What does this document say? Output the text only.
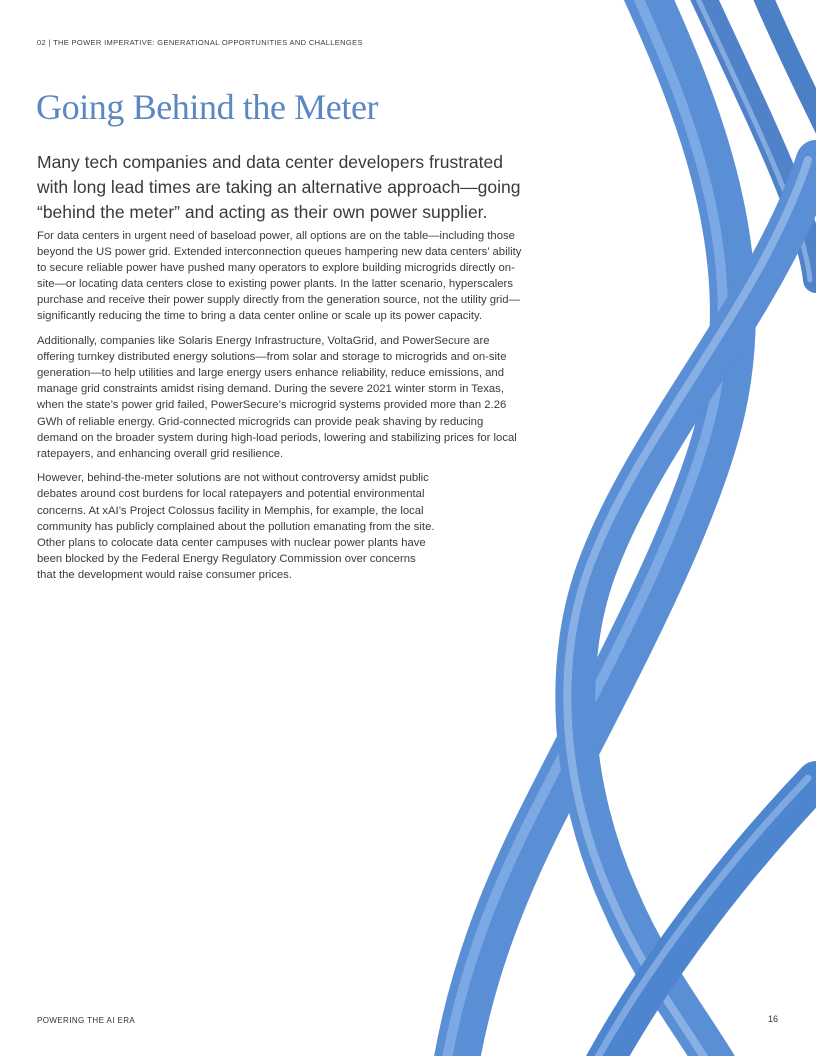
02 | THE POWER IMPERATIVE: GENERATIONAL OPPORTUNITIES AND CHALLENGES
Going Behind the Meter

Many tech companies and data center developers frustrated with long lead times are taking an alternative approach—going “behind the meter” and acting as their own power supplier.

For data centers in urgent need of baseload power, all options are on the table—including those beyond the US power grid. Extended interconnection queues hampering new data centers’ ability to secure reliable power have pushed many operators to explore building microgrids directly on-site—or locating data centers close to existing power plants. In the latter scenario, hyperscalers purchase and receive their power supply directly from the generation source, not the utility grid—significantly reducing the time to bring a data center online or scale up its power capacity.

Additionally, companies like Solaris Energy Infrastructure, VoltaGrid, and PowerSecure are offering turnkey distributed energy solutions—from solar and storage to microgrids and on-site generation—to help utilities and large energy users enhance reliability, reduce emissions, and manage grid constraints amidst rising demand. During the severe 2021 winter storm in Texas, when the state’s power grid failed, PowerSecure’s microgrid systems provided more than 2.26 GWh of reliable energy. Grid-connected microgrids can provide peak shaving by reducing demand on the broader system during high-load periods, lowering and stabilizing prices for local ratepayers, and enhancing overall grid resilience.

However, behind-the-meter solutions are not without controversy amidst public debates around cost burdens for local ratepayers and potential environmental concerns. At xAI’s Project Colossus facility in Memphis, for example, the local community has publicly complained about the pollution emanating from the site. Other plans to colocate data center campuses with nuclear power plants have been blocked by the Federal Energy Regulatory Commission over concerns that the development would raise consumer prices.

POWERING THE AI ERA	16
